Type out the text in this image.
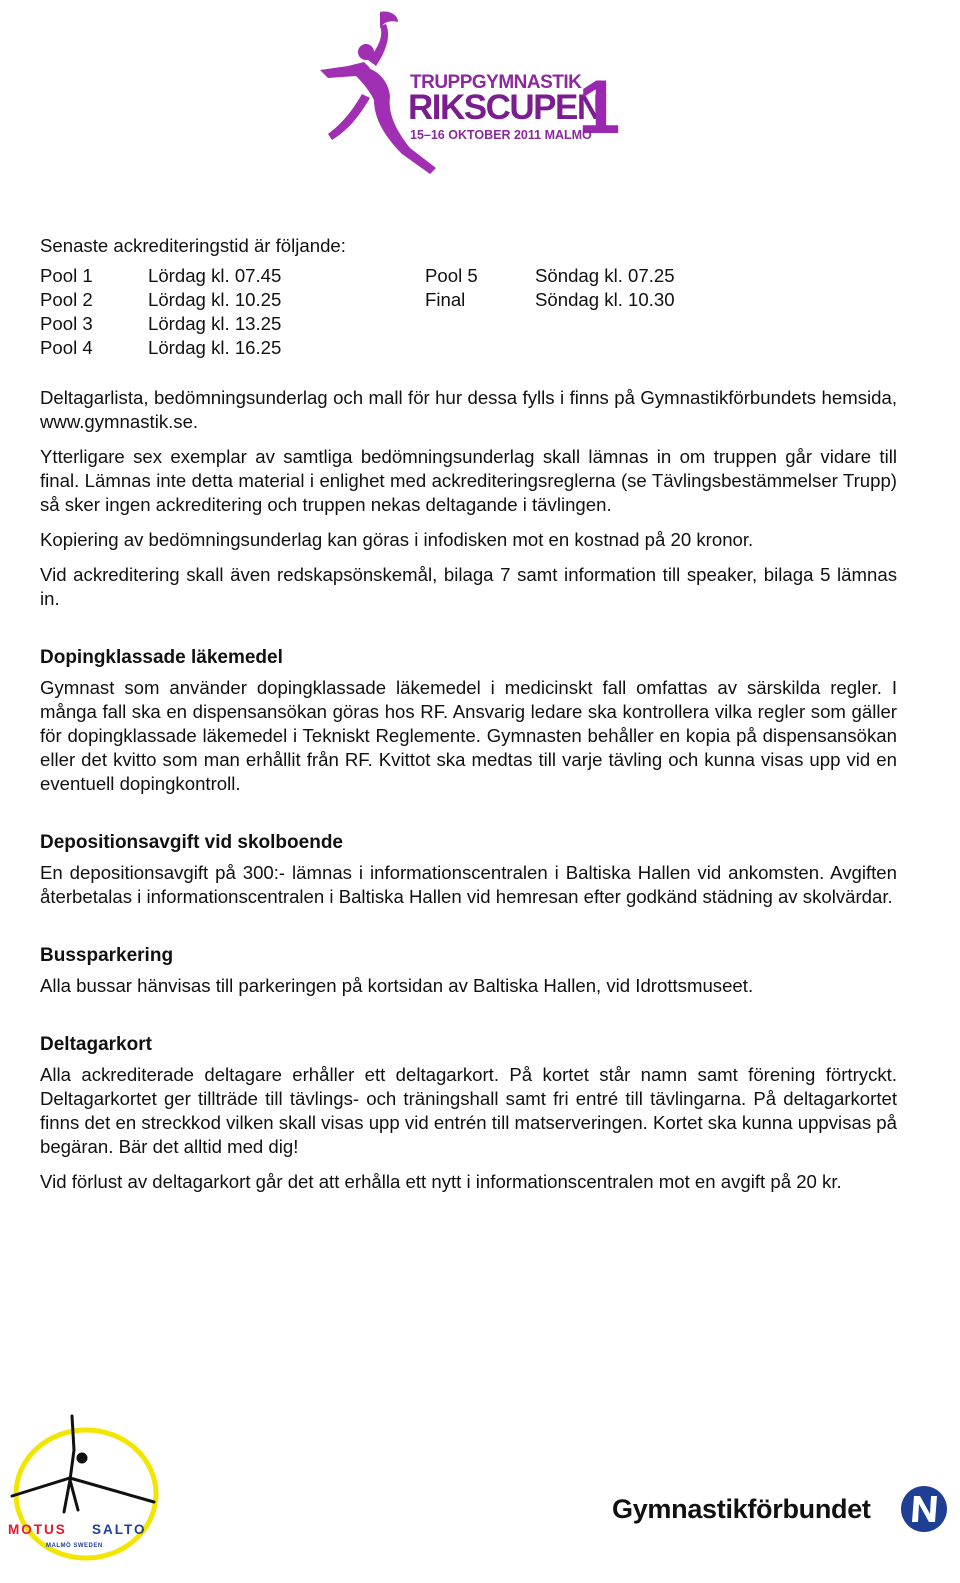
TRUPPGYMNASTIK
RIKSCUPEN
1
15–16 OKTOBER 2011 MALMÖ

Senaste ackrediteringstid är följande:

Pool 1	Lördag kl. 07.45	Pool 5	Söndag kl. 07.25
Pool 2	Lördag kl. 10.25	Final	Söndag kl. 10.30
Pool 3	Lördag kl. 13.25
Pool 4	Lördag kl. 16.25

Deltagarlista, bedömningsunderlag och mall för hur dessa fylls i finns på Gymnastikförbundets hemsida, www.gymnastik.se.

Ytterligare sex exemplar av samtliga bedömningsunderlag skall lämnas in om truppen går vidare till final. Lämnas inte detta material i enlighet med ackrediteringsreglerna (se Tävlingsbestämmelser Trupp) så sker ingen ackreditering och truppen nekas deltagande i tävlingen.

Kopiering av bedömningsunderlag kan göras i infodisken mot en kostnad på 20 kronor.

Vid ackreditering skall även redskapsönskemål, bilaga 7 samt information till speaker, bilaga 5 lämnas in.

Dopingklassade läkemedel

Gymnast som använder dopingklassade läkemedel i medicinskt fall omfattas av särskilda regler. I många fall ska en dispensansökan göras hos RF. Ansvarig ledare ska kontrollera vilka regler som gäller för dopingklassade läkemedel i Tekniskt Reglemente. Gymnasten behåller en kopia på dispensansökan eller det kvitto som man erhållit från RF. Kvittot ska medtas till varje tävling och kunna visas upp vid en eventuell dopingkontroll.

Depositionsavgift vid skolboende

En depositionsavgift på 300:- lämnas i informationscentralen i Baltiska Hallen vid ankomsten. Avgiften återbetalas i informationscentralen i Baltiska Hallen vid hemresan efter godkänd städning av skolvärdar.

Bussparkering

Alla bussar hänvisas till parkeringen på kortsidan av Baltiska Hallen, vid Idrottsmuseet.

Deltagarkort

Alla ackrediterade deltagare erhåller ett deltagarkort. På kortet står namn samt förening förtryckt. Deltagarkortet ger tillträde till tävlings- och träningshall samt fri entré till tävlingarna. På deltagarkortet finns det en streckkod vilken skall visas upp vid entrén till matserveringen. Kortet ska kunna uppvisas på begäran. Bär det alltid med dig!

Vid förlust av deltagarkort går det att erhålla ett nytt i informationscentralen mot en avgift på 20 kr.

MOTUS SALTO
MALMÖ SWEDEN
Gymnastikförbundet
